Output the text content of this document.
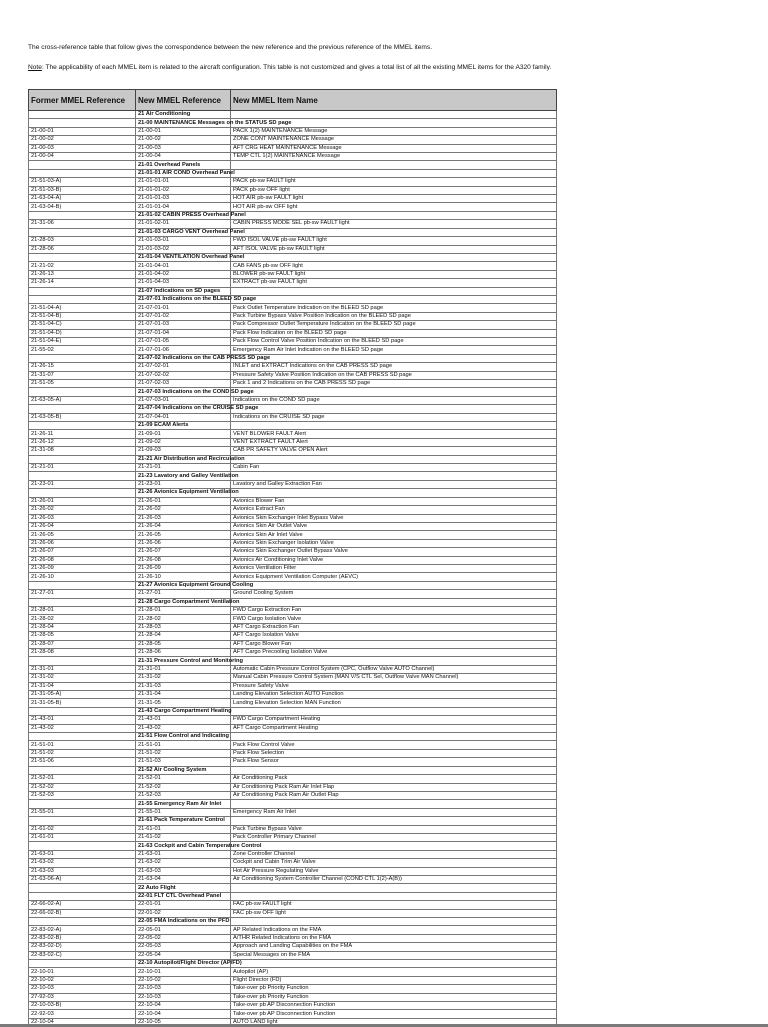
The cross-reference table that follow gives the correspondence between the new reference and the previous reference of the MMEL items.
Note: The applicability of each MMEL item is related to the aircraft configuration. This table is not customized and gives a total list of all the existing MMEL items for the A320 family.
Former MMEL Reference	New MMEL Reference	New MMEL Item Name
	21 Air Conditioning	
	21-00 MAINTENANCE Messages on the STATUS SD page	
21-00-01	21-00-01	PACK 1(2) MAINTENANCE Message
21-00-02	21-00-02	ZONE CONT MAINTENANCE Message
21-00-03	21-00-03	AFT CRG HEAT MAINTENANCE Message
21-00-04	21-00-04	TEMP CTL 1(2) MAINTENANCE Message
	21-01 Overhead Panels	
	21-01-01 AIR COND Overhead Panel	
21-51-03-A)	21-01-01-01	PACK pb-sw FAULT light
21-51-03-B)	21-01-01-02	PACK pb-sw OFF light
21-63-04-A)	21-01-01-03	HOT AIR pb-sw FAULT light
21-63-04-B)	21-01-01-04	HOT AIR pb-sw OFF light
	21-01-02 CABIN PRESS Overhead Panel	
21-31-06	21-01-02-01	CABIN PRESS MODE SEL pb-sw FAULT light
	21-01-03 CARGO VENT Overhead Panel	
21-28-03	21-01-03-01	FWD ISOL VALVE pb-sw FAULT light
21-28-06	21-01-03-02	AFT ISOL VALVE pb-sw FAULT light
	21-01-04 VENTILATION Overhead Panel	
21-21-02	21-01-04-01	CAB FANS pb-sw OFF light
21-26-13	21-01-04-02	BLOWER pb-sw FAULT light
21-26-14	21-01-04-03	EXTRACT pb-sw FAULT light
	21-07 Indications on SD pages	
	21-07-01 Indications on the BLEED SD page	
21-51-04-A)	21-07-01-01	Pack Outlet Temperature Indication on the BLEED SD page
21-51-04-B)	21-07-01-02	Pack Turbine Bypass Valve Position Indication on the BLEED SD page
21-51-04-C)	21-07-01-03	Pack Compressor Outlet Temperature Indication on the BLEED SD page
21-51-04-D)	21-07-01-04	Pack Flow Indication on the BLEED SD page
21-51-04-E)	21-07-01-05	Pack Flow Control Valve Position Indication on the BLEED SD page
21-55-02	21-07-01-06	Emergency Ram Air Inlet Indication on the BLEED SD page
	21-07-02 Indications on the CAB PRESS SD page	
21-26-15	21-07-02-01	INLET and EXTRACT Indications on the CAB PRESS SD page
21-31-07	21-07-02-02	Pressure Safety Valve Position Indication on the CAB PRESS SD page
21-51-05	21-07-02-03	Pack 1 and 2 Indications on the CAB PRESS SD page
	21-07-03 Indications on the COND SD page	
21-63-05-A)	21-07-03-01	Indications on the COND SD page
	21-07-04 Indications on the CRUISE SD page	
21-63-05-B)	21-07-04-01	Indications on the CRUISE SD page
	21-09 ECAM Alerts	
21-26-11	21-09-01	VENT BLOWER FAULT Alert
21-26-12	21-09-02	VENT EXTRACT FAULT Alert
21-31-08	21-09-03	CAB PR SAFETY VALVE OPEN Alert
	21-21 Air Distribution and Recirculation	
21-21-01	21-21-01	Cabin Fan
	21-23 Lavatory and Galley Ventilation	
21-23-01	21-23-01	Lavatory and Galley Extraction Fan
	21-26 Avionics Equipment Ventilation	
21-26-01	21-26-01	Avionics Blower Fan
21-26-02	21-26-02	Avionics Extract Fan
21-26-03	21-26-03	Avionics Skin Exchanger Inlet Bypass Valve
21-26-04	21-26-04	Avionics Skin Air Outlet Valve
21-26-05	21-26-05	Avionics Skin Air Inlet Valve
21-26-06	21-26-06	Avionics Skin Exchanger Isolation Valve
21-26-07	21-26-07	Avionics Skin Exchanger Outlet Bypass Valve
21-26-08	21-26-08	Avionics Air Conditioning Inlet Valve
21-26-09	21-26-09	Avionics Ventilation Filter
21-26-10	21-26-10	Avionics Equipment Ventilation Computer (AEVC)
	21-27 Avionics Equipment Ground Cooling	
21-27-01	21-27-01	Ground Cooling System
	21-28 Cargo Compartment Ventilation	
21-28-01	21-28-01	FWD Cargo Extraction Fan
21-28-02	21-28-02	FWD Cargo Isolation Valve
21-28-04	21-28-03	AFT Cargo Extraction Fan
21-28-05	21-28-04	AFT Cargo Isolation Valve
21-28-07	21-28-05	AFT Cargo Blower Fan
21-28-08	21-28-06	AFT Cargo Precooling Isolation Valve
	21-31 Pressure Control and Monitoring	
21-31-01	21-31-01	Automatic Cabin Pressure Control System (CPC, Outflow Valve AUTO Channel)
21-31-02	21-31-02	Manual Cabin Pressure Control System (MAN V/S CTL Sel, Outflow Valve MAN Channel)
21-31-04	21-31-03	Pressure Safety Valve
21-31-05-A)	21-31-04	Landing Elevation Selection AUTO Function
21-31-05-B)	21-31-05	Landing Elevation Selection MAN Function
	21-43 Cargo Compartment Heating	
21-43-01	21-43-01	FWD Cargo Compartment Heating
21-43-02	21-43-02	AFT Cargo Compartment Heating
	21-51 Flow Control and Indicating	
21-51-01	21-51-01	Pack Flow Control Valve
21-51-02	21-51-02	Pack Flow Selection
21-51-06	21-51-03	Pack Flow Sensor
	21-52 Air Cooling System	
21-52-01	21-52-01	Air Conditioning Pack
21-52-02	21-52-02	Air Conditioning Pack Ram Air Inlet Flap
21-52-03	21-52-03	Air Conditioning Pack Ram Air Outlet Flap
	21-55 Emergency Ram Air Inlet	
21-55-01	21-55-01	Emergency Ram Air Inlet
	21-61 Pack Temperature Control	
21-61-02	21-61-01	Pack Turbine Bypass Valve
21-61-01	21-61-02	Pack Controller Primary Channel
	21-63 Cockpit and Cabin Temperature Control	
21-63-01	21-63-01	Zone Controller Channel
21-63-02	21-63-02	Cockpit and Cabin Trim Air Valve
21-63-03	21-63-03	Hot Air Pressure Regulating Valve
21-63-06-A)	21-63-04	Air Conditioning System Controller Channel (COND CTL 1(2)-A(B))
	22 Auto Flight	
	22-01 FLT CTL Overhead Panel	
22-66-02-A)	22-01-01	FAC pb-sw FAULT light
22-66-02-B)	22-01-02	FAC pb-sw OFF light
	22-05 FMA Indications on the PFD	
22-83-02-A)	22-05-01	AP Related Indications on the FMA
22-83-02-B)	22-05-02	A/THR Related Indications on the FMA
22-83-02-D)	22-05-03	Approach and Landing Capabilities on the FMA
22-83-02-C)	22-05-04	Special Messages on the FMA
	22-10 Autopilot/Flight Director (AP/FD)	
22-10-01	22-10-01	Autopilot (AP)
22-10-02	22-10-02	Flight Director (FD)
22-10-03	22-10-03	Take-over pb Priority Function
27-92-03	22-10-03	Take-over pb Priority Function
22-10-03-B)	22-10-04	Take-over pb AP Disconnection Function
22-92-03	22-10-04	Take-over pb AP Disconnection Function
22-10-04	22-10-05	AUTO LAND light
